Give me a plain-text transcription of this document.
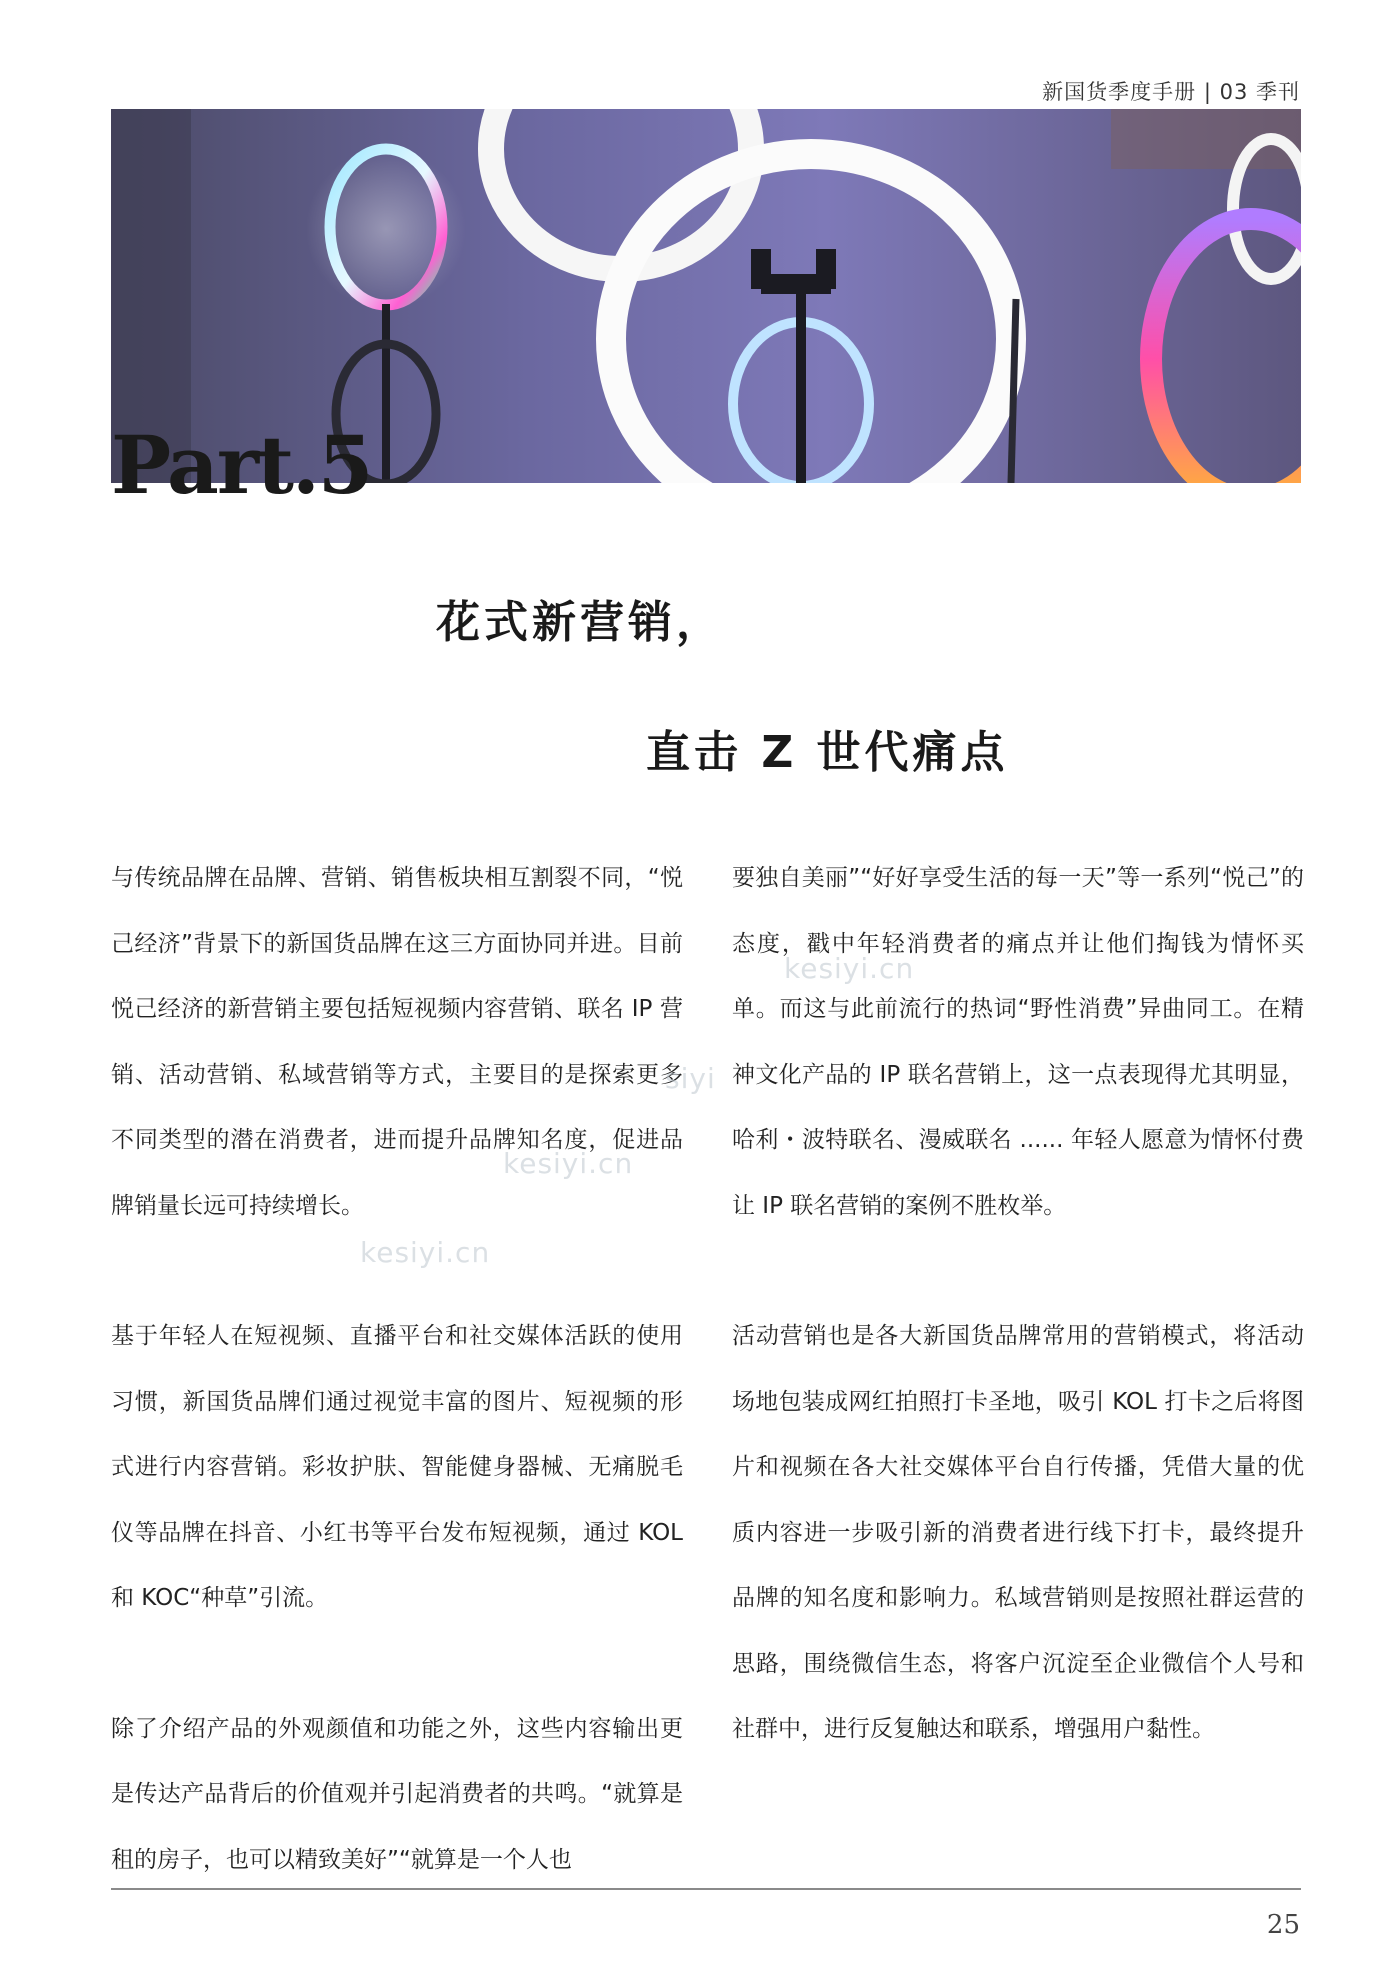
新国货季度手册 | 03 季刊
Part.5
花式新营销，
直击 Z 世代痛点

与传统品牌在品牌、营销、销售板块相互割裂不同，“悦己经济”背景下的新国货品牌在这三方面协同并进。目前悦己经济的新营销主要包括短视频内容营销、联名 IP 营销、活动营销、私域营销等方式，主要目的是探索更多不同类型的潜在消费者，进而提升品牌知名度，促进品牌销量长远可持续增长。

基于年轻人在短视频、直播平台和社交媒体活跃的使用习惯，新国货品牌们通过视觉丰富的图片、短视频的形式进行内容营销。彩妆护肤、智能健身器械、无痛脱毛仪等品牌在抖音、小红书等平台发布短视频，通过 KOL 和 KOC“种草”引流。

除了介绍产品的外观颜值和功能之外，这些内容输出更是传达产品背后的价值观并引起消费者的共鸣。“就算是租的房子，也可以精致美好”“就算是一个人也

要独自美丽”“好好享受生活的每一天”等一系列“悦己”的态度，戳中年轻消费者的痛点并让他们掏钱为情怀买单。而这与此前流行的热词“野性消费”异曲同工。在精神文化产品的 IP 联名营销上，这一点表现得尤其明显，哈利・波特联名、漫威联名 ...... 年轻人愿意为情怀付费让 IP 联名营销的案例不胜枚举。

活动营销也是各大新国货品牌常用的营销模式，将活动场地包装成网红拍照打卡圣地，吸引 KOL 打卡之后将图片和视频在各大社交媒体平台自行传播，凭借大量的优质内容进一步吸引新的消费者进行线下打卡，最终提升品牌的知名度和影响力。私域营销则是按照社群运营的思路，围绕微信生态，将客户沉淀至企业微信个人号和社群中，进行反复触达和联系，增强用户黏性。

kesiyi.cn
kesiyi.cn
kesiyi.cn
siyi
25
